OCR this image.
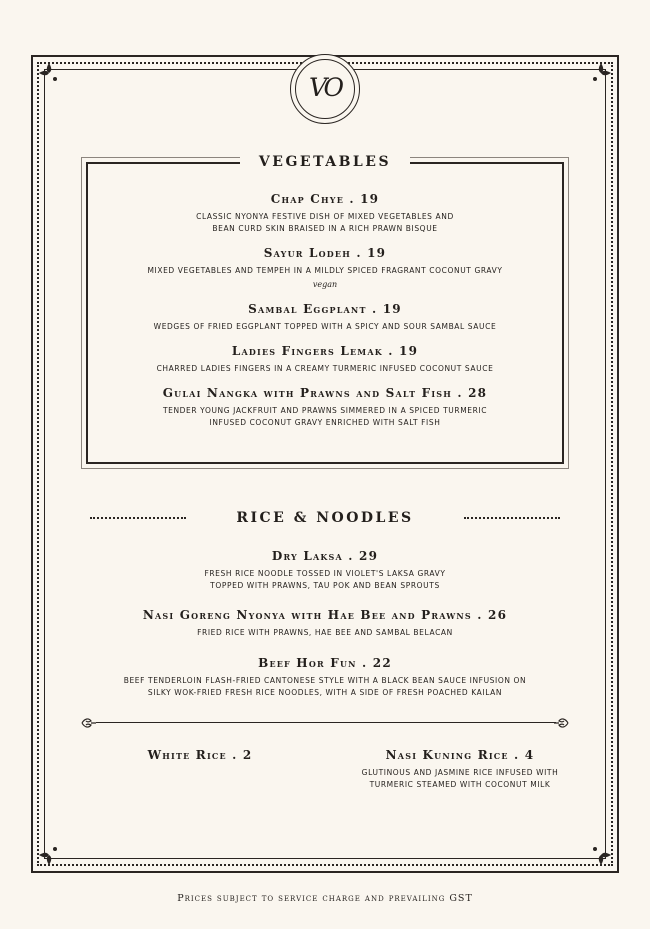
VO
VEGETABLES
Chap Chye . 19
CLASSIC NYONYA FESTIVE DISH OF MIXED VEGETABLES AND
BEAN CURD SKIN BRAISED IN A RICH PRAWN BISQUE
Sayur Lodeh . 19
MIXED VEGETABLES AND TEMPEH IN A MILDLY SPICED FRAGRANT COCONUT GRAVY
vegan
Sambal Eggplant . 19
WEDGES OF FRIED EGGPLANT TOPPED WITH A SPICY AND SOUR SAMBAL SAUCE
Ladies Fingers Lemak . 19
CHARRED LADIES FINGERS IN A CREAMY TURMERIC INFUSED COCONUT SAUCE
Gulai Nangka with Prawns and Salt Fish . 28
TENDER YOUNG JACKFRUIT AND PRAWNS SIMMERED IN A SPICED TURMERIC
INFUSED COCONUT GRAVY ENRICHED WITH SALT FISH
RICE & NOODLES
Dry Laksa . 29
FRESH RICE NOODLE TOSSED IN VIOLET'S LAKSA GRAVY
TOPPED WITH PRAWNS, TAU POK AND BEAN SPROUTS
Nasi Goreng Nyonya with Hae Bee and Prawns . 26
FRIED RICE WITH PRAWNS, HAE BEE AND SAMBAL BELACAN
Beef Hor Fun . 22
BEEF TENDERLOIN FLASH-FRIED CANTONESE STYLE WITH A BLACK BEAN SAUCE INFUSION ON
SILKY WOK-FRIED FRESH RICE NOODLES, WITH A SIDE OF FRESH POACHED KAILAN
White Rice . 2	Nasi Kuning Rice . 4
GLUTINOUS AND JASMINE RICE INFUSED WITH
TURMERIC STEAMED WITH COCONUT MILK
Prices subject to service charge and prevailing GST
